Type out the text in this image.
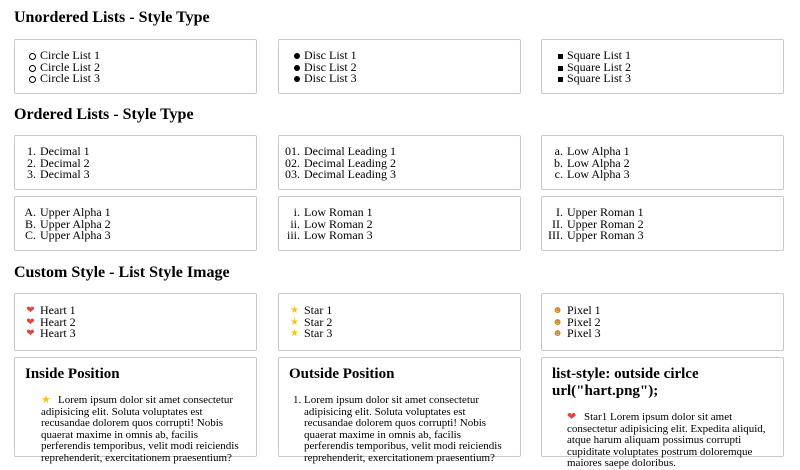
Unordered Lists - Style Type
Circle List 1
Circle List 2
Circle List 3
Disc List 1
Disc List 2
Disc List 3
Square List 1
Square List 2
Square List 3
Ordered Lists - Style Type
1. Decimal 1
2. Decimal 2
3. Decimal 3
01. Decimal Leading 1
02. Decimal Leading 2
03. Decimal Leading 3
a. Low Alpha 1
b. Low Alpha 2
c. Low Alpha 3
A. Upper Alpha 1
B. Upper Alpha 2
C. Upper Alpha 3
i. Low Roman 1
ii. Low Roman 2
iii. Low Roman 3
I. Upper Roman 1
II. Upper Roman 2
III. Upper Roman 3
Custom Style - List Style Image
❤ Heart 1
❤ Heart 2
❤ Heart 3
★ Star 1
★ Star 2
★ Star 3
☻ Pixel 1
☻ Pixel 2
☻ Pixel 3
Inside Position
★ Lorem ipsum dolor sit amet consectetur adipisicing elit. Soluta voluptates est recusandae dolorem quos corrupti! Nobis quaerat maxime in omnis ab, facilis perferendis temporibus, velit modi reiciendis reprehenderit, exercitationem praesentium?
Outside Position
1. Lorem ipsum dolor sit amet consectetur adipisicing elit. Soluta voluptates est recusandae dolorem quos corrupti! Nobis quaerat maxime in omnis ab, facilis perferendis temporibus, velit modi reiciendis reprehenderit, exercitationem praesentium?
list-style: outside cirlce url("hart.png");
❤ Star1 Lorem ipsum dolor sit amet consectetur adipisicing elit. Expedita aliquid, atque harum aliquam possimus corrupti cupiditate voluptates postrum doloremque maiores saepe doloribus.
